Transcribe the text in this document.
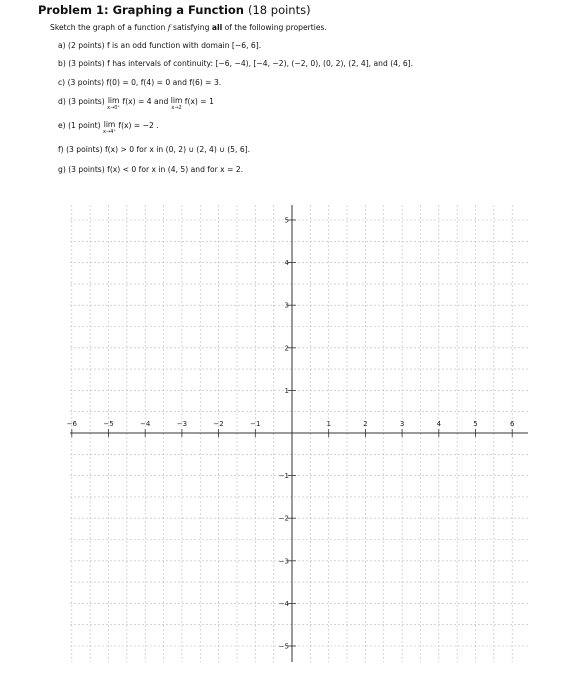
Problem 1: Graphing a Function (18 points)
Sketch the graph of a function f satisfying all of the following properties.
a) (2 points) f is an odd function with domain [−6, 6].
b) (3 points) f has intervals of continuity: [−6, −4), [−4, −2), (−2, 0), (0, 2), (2, 4], and (4, 6].
c) (3 points) f(0) = 0, f(4) = 0 and f(6) = 3.
d) (3 points) lim
x→0⁺
f(x) = 4 and lim
x→2
f(x) = 1
e) (1 point) lim
x→4⁺
f(x) = −2 .
f) (3 points) f(x) > 0 for x in (0, 2) ∪ (2, 4) ∪ (5, 6].
g) (3 points) f(x) < 0 for x in (4, 5) and for x = 2.
−6	−5	−4	−3	−2	−1	1	2	3	4	5	6
5
4
3
2
1
−1
−2
−3
−4
−5
